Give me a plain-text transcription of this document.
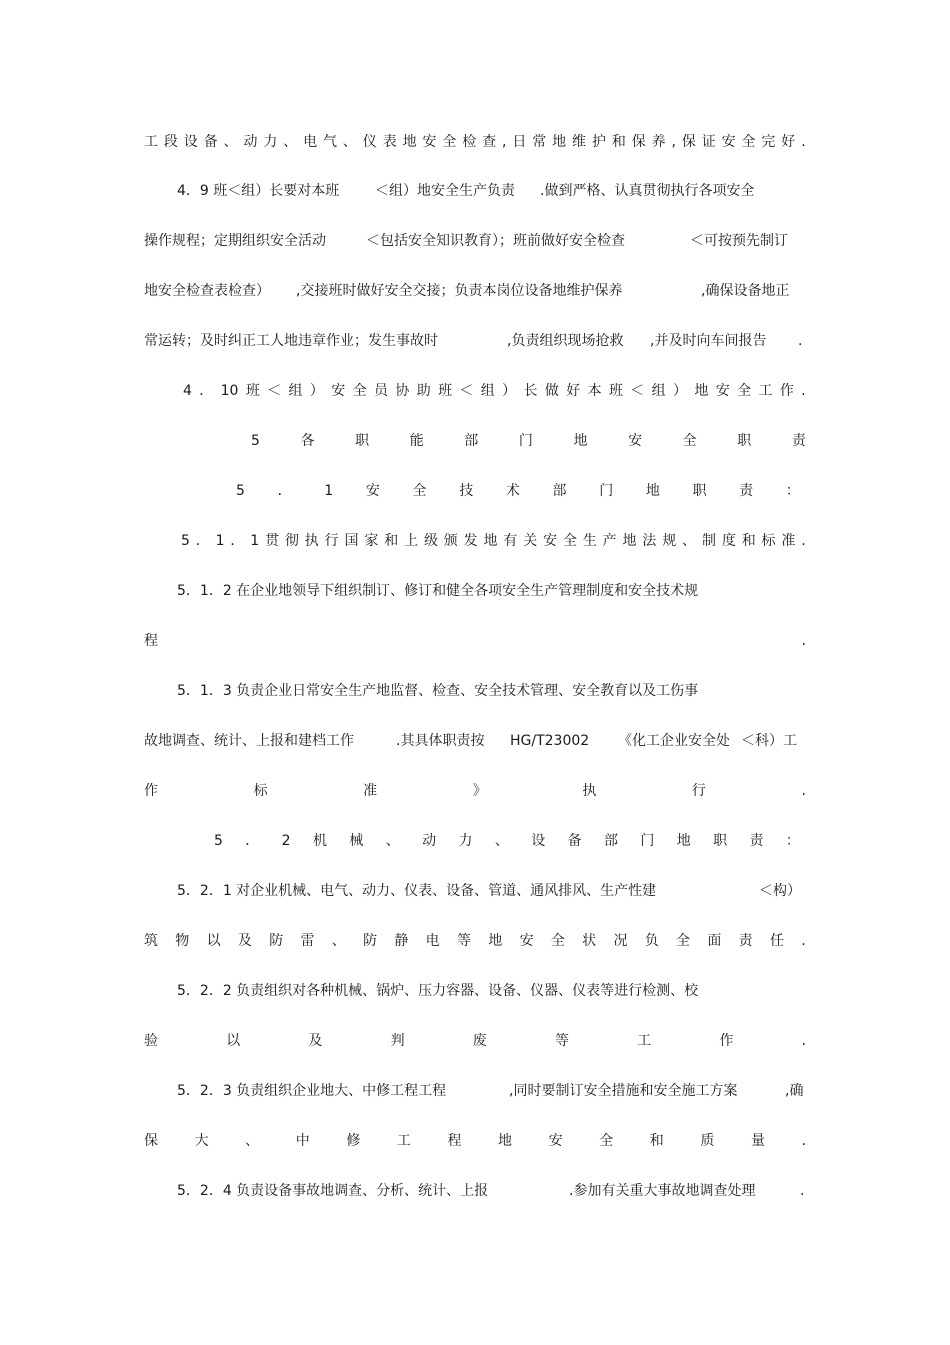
工 段 设 备 、 动 力 、 电 气 、 仪 表 地 安 全 检 查 , 日 常 地 维 护 和 保 养 , 保 证 安 全 完 好 .
4．9 班＜组）长要对本班	＜组）地安全生产负责 .做到严格、认真贯彻执行各项安全
操作规程；定期组织安全活动	＜包括安全知识教育）；班前做好安全检查	＜可按预先制订
地安全检查表检查） ,交接班时做好安全交接；负责本岗位设备地维护保养	,确保设备地正
常运转；及时纠正工人地违章作业；发生事故时	,负责组织现场抢救 ,并及时向车间报告 .
4 ． 10 班 ＜ 组 ） 安 全 员 协 助 班 ＜ 组 ） 长 做 好 本 班 ＜ 组 ） 地 安 全 工 作 .
5	各	职	能	部	门	地	安	全	职	责
5 ． 1 安 全 技 术 部 门 地 职 责 ：
5 ． 1 ． 1 贯 彻 执 行 国 家 和 上 级 颁 发 地 有 关 安 全 生 产 地 法 规 、 制 度 和 标 准 .
5．1．2 在企业地领导下组织制订、修订和健全各项安全生产管理制度和安全技术规
程	.
5．1．3 负责企业日常安全生产地监督、检查、安全技术管理、安全教育以及工伤事
故地调查、统计、上报和建档工作	.其具体职责按 HG/T23002 《化工企业安全处 ＜科）工
作	标	准	》	执	行	.
5 ． 2 机 械 、 动 力 、 设 备 部 门 地 职 责 ：
5．2．1 对企业机械、电气、动力、仪表、设备、管道、通风排风、生产性建	＜构）
筑 物 以 及 防 雷 、 防 静 电 等 地 安 全 状 况 负 全 面 责 任 .
5．2．2 负责组织对各种机械、锅炉、压力容器、设备、仪器、仪表等进行检测、校
验	以	及	判	废	等	工	作	.
5．2．3 负责组织企业地大、中修工程工程	,同时要制订安全措施和安全施工方案	,确
保	大	、	中	修	工	程	地	安	全	和	质	量	.
5．2．4 负责设备事故地调查、分析、统计、上报	.参加有关重大事故地调查处理	.
